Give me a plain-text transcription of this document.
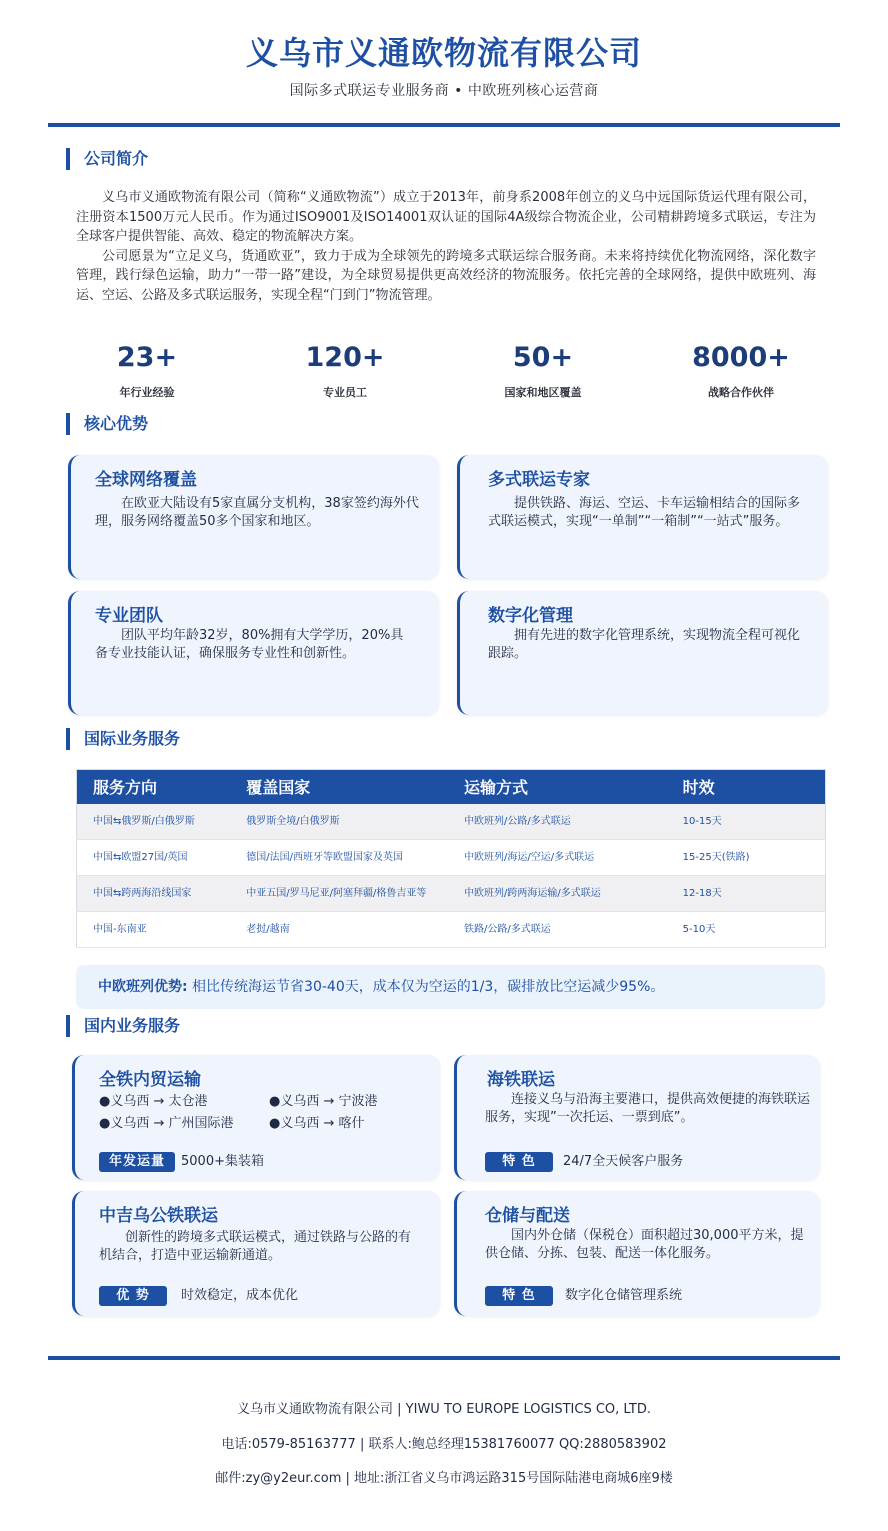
义乌市义通欧物流有限公司
国际多式联运专业服务商 • 中欧班列核心运营商
公司简介

义乌市义通欧物流有限公司（简称“义通欧物流”）成立于2013年，前身系2008年创立的义乌中远国际货运代理有限公司，注册资本1500万元人民币。作为通过ISO9001及ISO14001双认证的国际4A级综合物流企业，公司精耕跨境多式联运，专注为全球客户提供智能、高效、稳定的物流解决方案。

公司愿景为“立足义乌，货通欧亚”，致力于成为全球领先的跨境多式联运综合服务商。未来将持续优化物流网络，深化数字管理，践行绿色运输，助力“一带一路”建设，为全球贸易提供更高效经济的物流服务。依托完善的全球网络，提供中欧班列、海运、空运、公路及多式联运服务，实现全程“门到门”物流管理。

23+
年行业经验
120+
专业员工
50+
国家和地区覆盖
8000+
战略合作伙伴
核心优势
全球网络覆盖
在欧亚大陆设有5家直属分支机构，38家签约海外代理，服务网络覆盖50多个国家和地区。
多式联运专家
提供铁路、海运、空运、卡车运输相结合的国际多式联运模式，实现“一单制”“一箱制”“一站式”服务。
专业团队
团队平均年龄32岁，80%拥有大学学历，20%具备专业技能认证，确保服务专业性和创新性。
数字化管理
拥有先进的数字化管理系统，实现物流全程可视化跟踪。
国际业务服务
服务方向	覆盖国家	运输方式	时效
中国⇆俄罗斯/白俄罗斯	俄罗斯全境/白俄罗斯	中欧班列/公路/多式联运	10-15天
中国⇆欧盟27国/英国	德国/法国/西班牙等欧盟国家及英国	中欧班列/海运/空运/多式联运	15-25天(铁路)
中国⇆跨两海沿线国家	中亚五国/罗马尼亚/阿塞拜疆/格鲁吉亚等	中欧班列/跨两海运输/多式联运	12-18天
中国-东南亚	老挝/越南	铁路/公路/多式联运	5-10天
中欧班列优势: 相比传统海运节省30-40天，成本仅为空运的1/3，碳排放比空运减少95%。
国内业务服务
全铁内贸运输
●义乌西 → 太仓港	●义乌西 → 宁波港
●义乌西 → 广州国际港	●义乌西 → 喀什
年发运量	5000+集装箱
海铁联运
连接义乌与沿海主要港口，提供高效便捷的海铁联运服务，实现”一次托运、一票到底”。
特 色	24/7全天候客户服务
中吉乌公铁联运
创新性的跨境多式联运模式，通过铁路与公路的有机结合，打造中亚运输新通道。
优 势	时效稳定，成本优化
仓储与配送
国内外仓储（保税仓）面积超过30,000平方米，提供仓储、分拣、包装、配送一体化服务。
特 色	数字化仓储管理系统
义乌市义通欧物流有限公司 | YIWU TO EUROPE LOGISTICS CO, LTD.
电话:0579-85163777 | 联系人:鲍总经理15381760077 QQ:2880583902
邮件:zy@y2eur.com | 地址:浙江省义乌市鸿运路315号国际陆港电商城6座9楼
